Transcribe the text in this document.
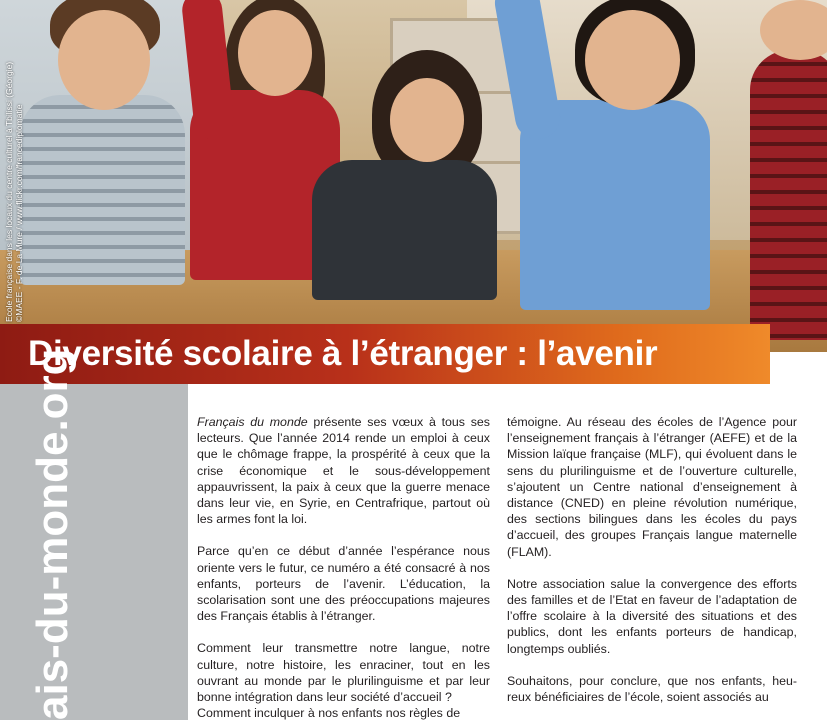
Ecole française dans les locaux du centre culturel à Tbilissi (Géorgie) ©MAEE - F. de La Mure / www.flickr.com/francediplomatie
Diversité scolaire à l’étranger : l’avenir
ais-du-monde.org	Français du monde présente ses vœux à tous ses lecteurs. Que l’année 2014 rende un emploi à ceux que le chômage frappe, la prospérité à ceux que la crise économique et le sous-développement appauvrissent, la paix à ceux que la guerre menace dans leur vie, en Syrie, en Centrafrique, partout où les armes font la loi.

Parce qu’en ce début d’année l’espérance nous oriente vers le futur, ce numéro a été consacré à nos enfants, porteurs de l’avenir. L’éducation, la scolarisation sont une des préoccupations majeures des Français établis à l’étranger.

Comment leur transmettre notre langue, notre culture, notre histoire, les enraciner, tout en les ouvrant au monde par le plurilinguisme et par leur bonne intégration dans leur société d’accueil ?

Comment inculquer à nos enfants nos règles de

témoigne. Au réseau des écoles de l’Agence pour l’enseignement français à l’étranger (AEFE) et de la Mission laïque française (MLF), qui évoluent dans le sens du plurilinguisme et de l’ouverture culturelle, s’ajoutent un Centre national d’enseignement à distance (CNED) en pleine révolution numérique, des sections bilingues dans les écoles du pays d’accueil, des groupes Français langue maternelle (FLAM).

Notre association salue la convergence des efforts des familles et de l’Etat en faveur de l’adaptation de l’offre scolaire à la diversité des situations et des publics, dont les enfants porteurs de handicap, longtemps oubliés.

Souhaitons, pour conclure, que nos enfants, heu-reux bénéficiaires de l’école, soient associés au
